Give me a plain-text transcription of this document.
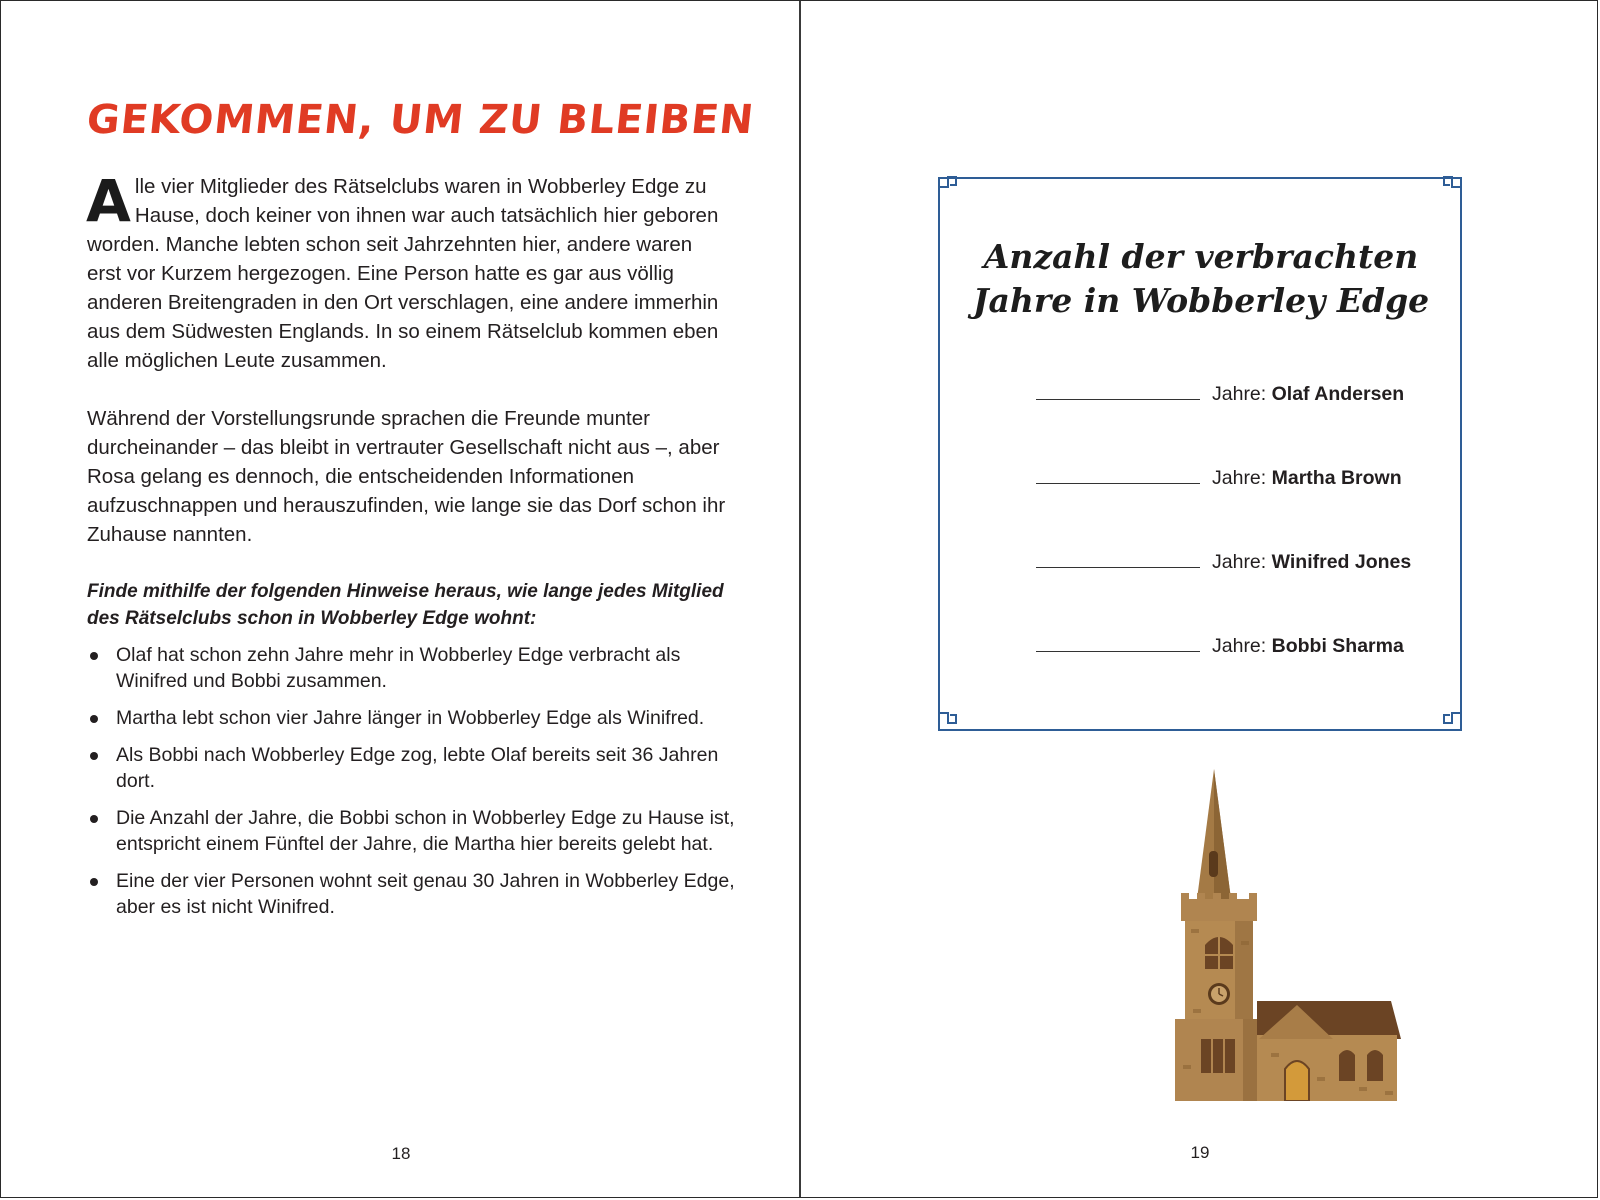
GEKOMMEN, UM ZU BLEIBEN

Alle vier Mitglieder des Rätselclubs waren in Wobberley Edge zu Hause, doch keiner von ihnen war auch tatsächlich hier geboren worden. Manche lebten schon seit Jahrzehnten hier, andere waren erst vor Kurzem hergezogen. Eine Person hatte es gar aus völlig anderen Breitengraden in den Ort verschlagen, eine andere immerhin aus dem Südwesten Englands. In so einem Rätselclub kommen eben alle möglichen Leute zusammen.

Während der Vorstellungsrunde sprachen die Freunde munter durcheinander – das bleibt in vertrauter Gesellschaft nicht aus –, aber Rosa gelang es dennoch, die entscheidenden Informationen aufzuschnappen und herauszufinden, wie lange sie das Dorf schon ihr Zuhause nannten.

Finde mithilfe der folgenden Hinweise heraus, wie lange jedes Mitglied des Rätselclubs schon in Wobberley Edge wohnt:

Olaf hat schon zehn Jahre mehr in Wobberley Edge verbracht als Winifred und Bobbi zusammen.
Martha lebt schon vier Jahre länger in Wobberley Edge als Winifred.
Als Bobbi nach Wobberley Edge zog, lebte Olaf bereits seit 36 Jahren dort.
Die Anzahl der Jahre, die Bobbi schon in Wobberley Edge zu Hause ist, entspricht einem Fünftel der Jahre, die Martha hier bereits gelebt hat.
Eine der vier Personen wohnt seit genau 30 Jahren in Wobberley Edge, aber es ist nicht Winifred.
18
Anzahl der verbrachten
Jahre in Wobberley Edge
Jahre: Olaf Andersen
Jahre: Martha Brown
Jahre: Winifred Jones
Jahre: Bobbi Sharma
19
